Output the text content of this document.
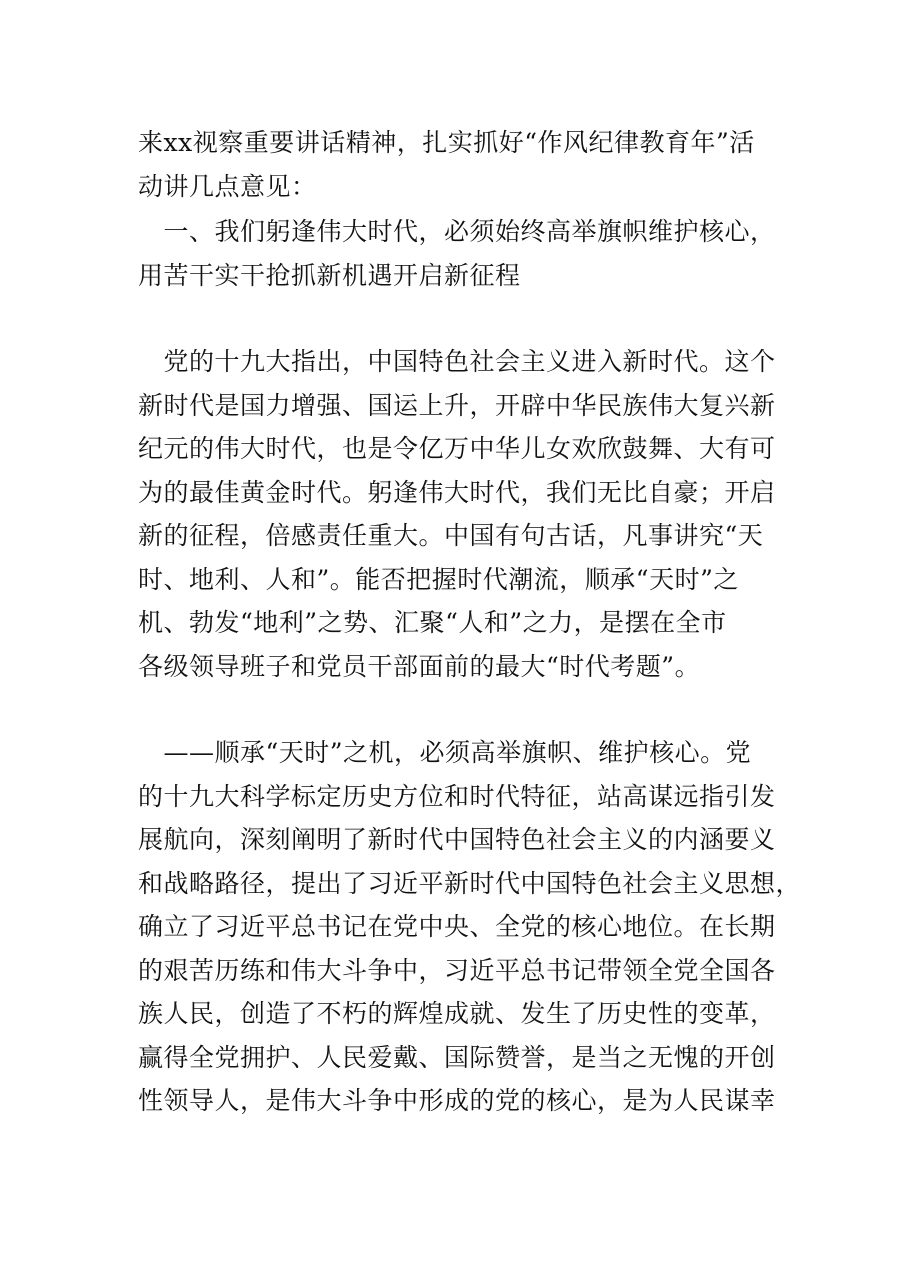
来xx视察重要讲话精神，扎实抓好“作风纪律教育年”活
动讲几点意见：
　一、我们躬逢伟大时代，必须始终高举旗帜维护核心，
用苦干实干抢抓新机遇开启新征程
　党的十九大指出，中国特色社会主义进入新时代。这个
新时代是国力增强、国运上升，开辟中华民族伟大复兴新
纪元的伟大时代，也是令亿万中华儿女欢欣鼓舞、大有可
为的最佳黄金时代。躬逢伟大时代，我们无比自豪；开启
新的征程，倍感责任重大。中国有句古话，凡事讲究“天
时、地利、人和”。能否把握时代潮流，顺承“天时”之
机、勃发“地利”之势、汇聚“人和”之力，是摆在全市
各级领导班子和党员干部面前的最大“时代考题”。
　——顺承“天时”之机，必须高举旗帜、维护核心。党
的十九大科学标定历史方位和时代特征，站高谋远指引发
展航向，深刻阐明了新时代中国特色社会主义的内涵要义
和战略路径，提出了习近平新时代中国特色社会主义思想，
确立了习近平总书记在党中央、全党的核心地位。在长期
的艰苦历练和伟大斗争中，习近平总书记带领全党全国各
族人民，创造了不朽的辉煌成就、发生了历史性的变革，
赢得全党拥护、人民爱戴、国际赞誉，是当之无愧的开创
性领导人，是伟大斗争中形成的党的核心，是为人民谋幸
